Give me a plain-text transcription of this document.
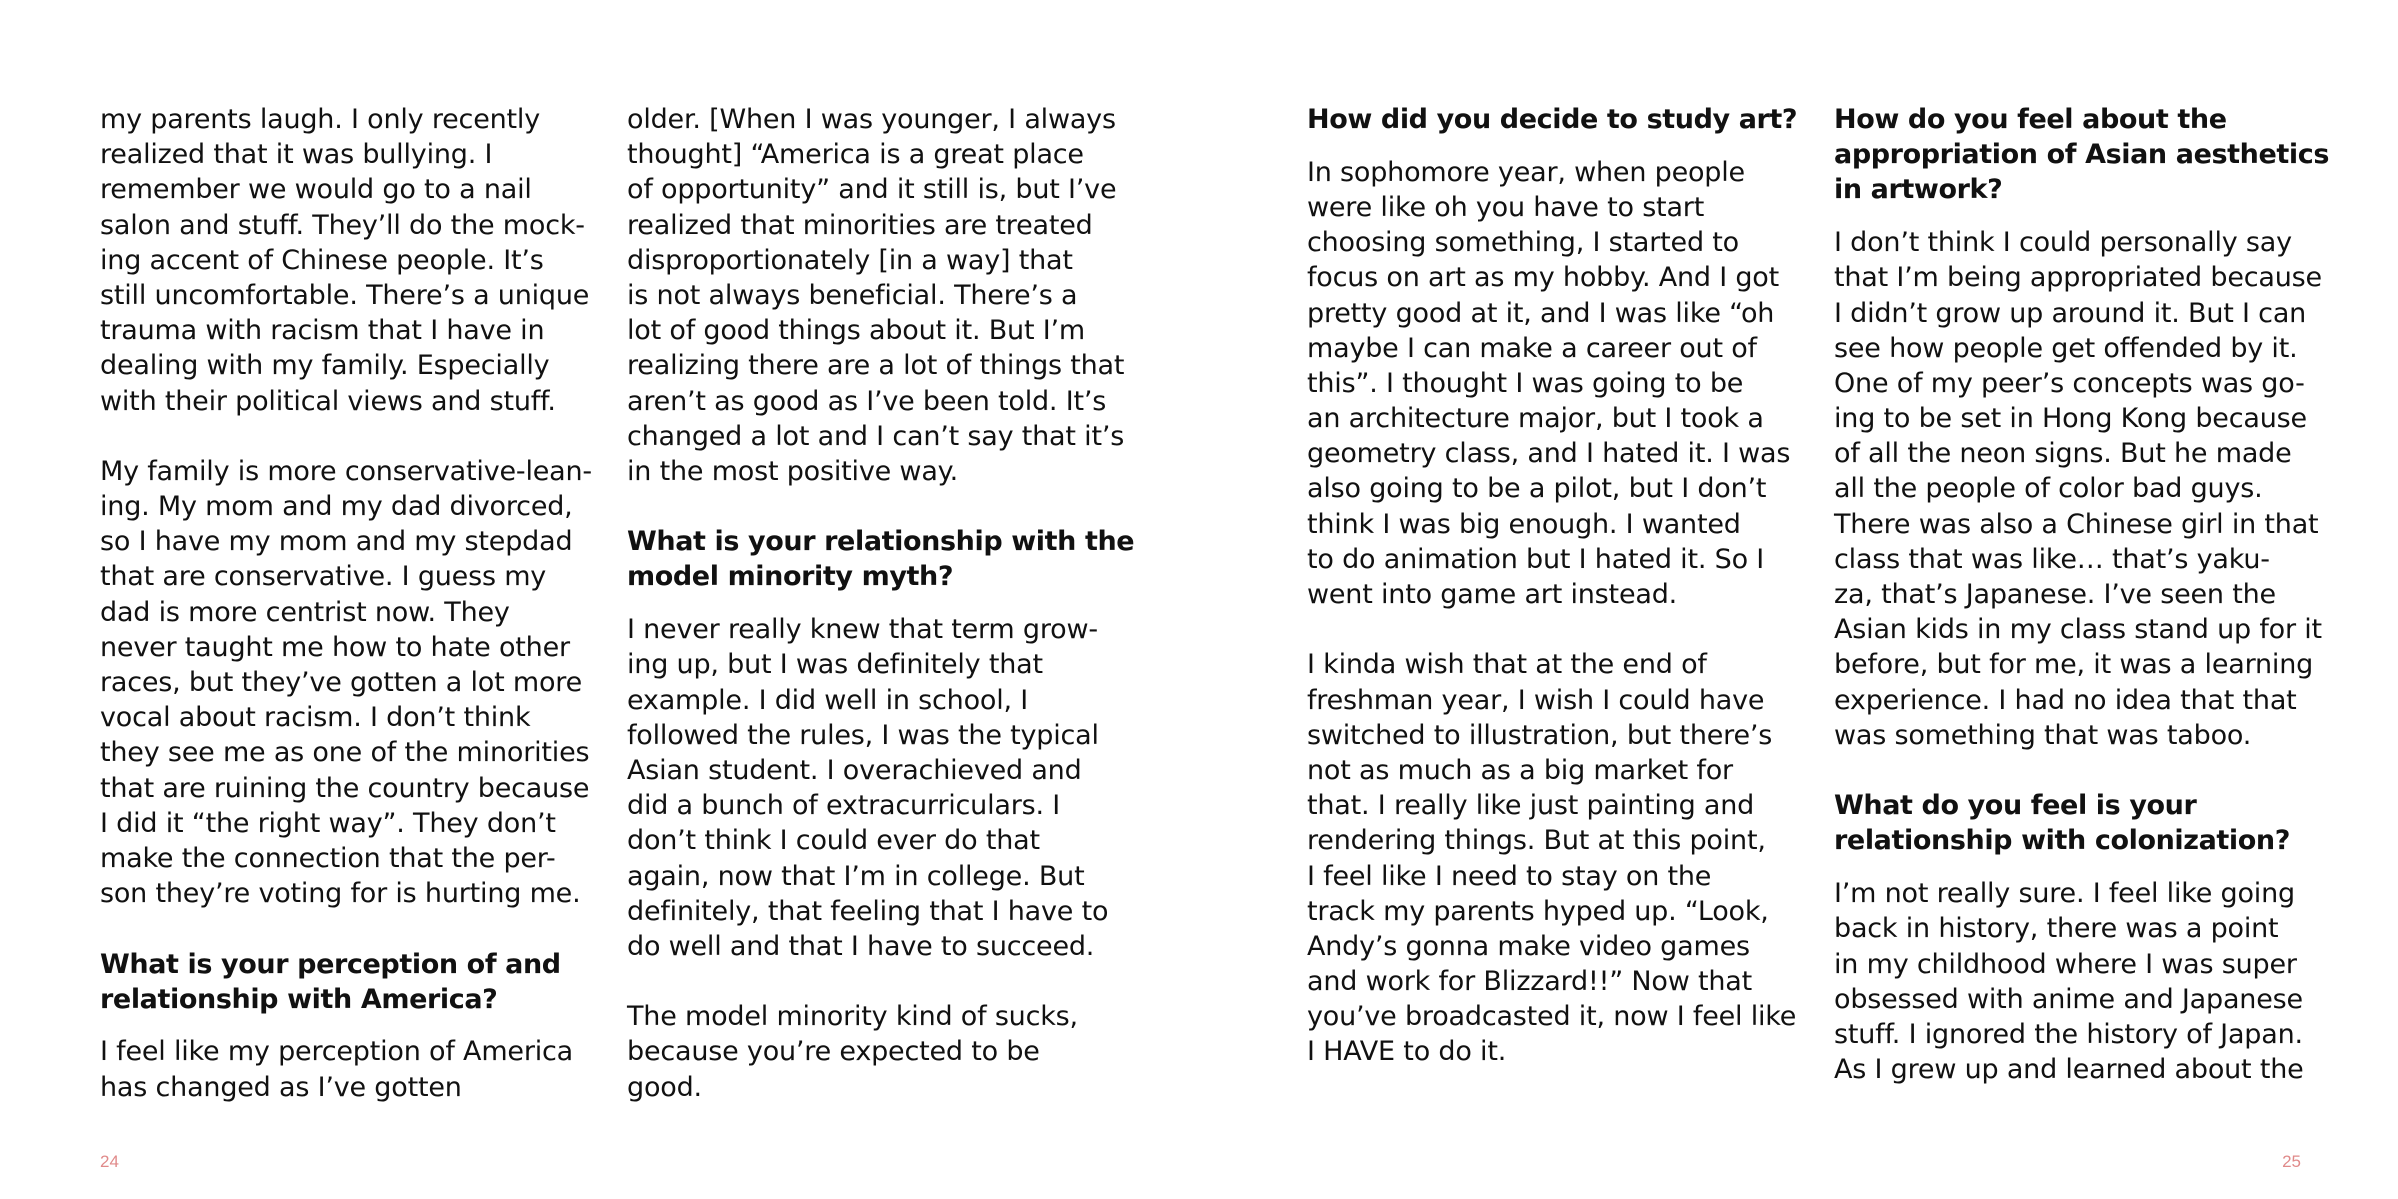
my parents laugh. I only recently
realized that it was bullying. I
remember we would go to a nail
salon and stuff. They’ll do the mock-
ing accent of Chinese people. It’s
still uncomfortable. There’s a unique
trauma with racism that I have in
dealing with my family. Especially
with their political views and stuff.
My family is more conservative-lean-
ing. My mom and my dad divorced,
so I have my mom and my stepdad
that are conservative. I guess my
dad is more centrist now. They
never taught me how to hate other
races, but they’ve gotten a lot more
vocal about racism. I don’t think
they see me as one of the minorities
that are ruining the country because
I did it “the right way”. They don’t
make the connection that the per-
son they’re voting for is hurting me.
What is your perception of and
relationship with America?
I feel like my perception of America
has changed as I’ve gotten
older. [When I was younger, I always
thought] “America is a great place
of opportunity” and it still is, but I’ve
realized that minorities are treated
disproportionately [in a way] that
is not always beneficial. There’s a
lot of good things about it. But I’m
realizing there are a lot of things that
aren’t as good as I’ve been told. It’s
changed a lot and I can’t say that it’s
in the most positive way.
What is your relationship with the
model minority myth?
I never really knew that term grow-
ing up, but I was definitely that
example. I did well in school, I
followed the rules, I was the typical
Asian student. I overachieved and
did a bunch of extracurriculars. I
don’t think I could ever do that
again, now that I’m in college. But
definitely, that feeling that I have to
do well and that I have to succeed.
The model minority kind of sucks,
because you’re expected to be
good.
How did you decide to study art?
In sophomore year, when people
were like oh you have to start
choosing something, I started to
focus on art as my hobby. And I got
pretty good at it, and I was like “oh
maybe I can make a career out of
this”. I thought I was going to be
an architecture major, but I took a
geometry class, and I hated it. I was
also going to be a pilot, but I don’t
think I was big enough. I wanted
to do animation but I hated it. So I
went into game art instead.
I kinda wish that at the end of
freshman year, I wish I could have
switched to illustration, but there’s
not as much as a big market for
that. I really like just painting and
rendering things. But at this point,
I feel like I need to stay on the
track my parents hyped up. “Look,
Andy’s gonna make video games
and work for Blizzard!!” Now that
you’ve broadcasted it, now I feel like
I HAVE to do it.
How do you feel about the
appropriation of Asian aesthetics
in artwork?
I don’t think I could personally say
that I’m being appropriated because
I didn’t grow up around it. But I can
see how people get offended by it.
One of my peer’s concepts was go-
ing to be set in Hong Kong because
of all the neon signs. But he made
all the people of color bad guys.
There was also a Chinese girl in that
class that was like… that’s yaku-
za, that’s Japanese. I’ve seen the
Asian kids in my class stand up for it
before, but for me, it was a learning
experience. I had no idea that that
was something that was taboo.
What do you feel is your
relationship with colonization?
I’m not really sure. I feel like going
back in history, there was a point
in my childhood where I was super
obsessed with anime and Japanese
stuff. I ignored the history of Japan.
As I grew up and learned about the
24	25
